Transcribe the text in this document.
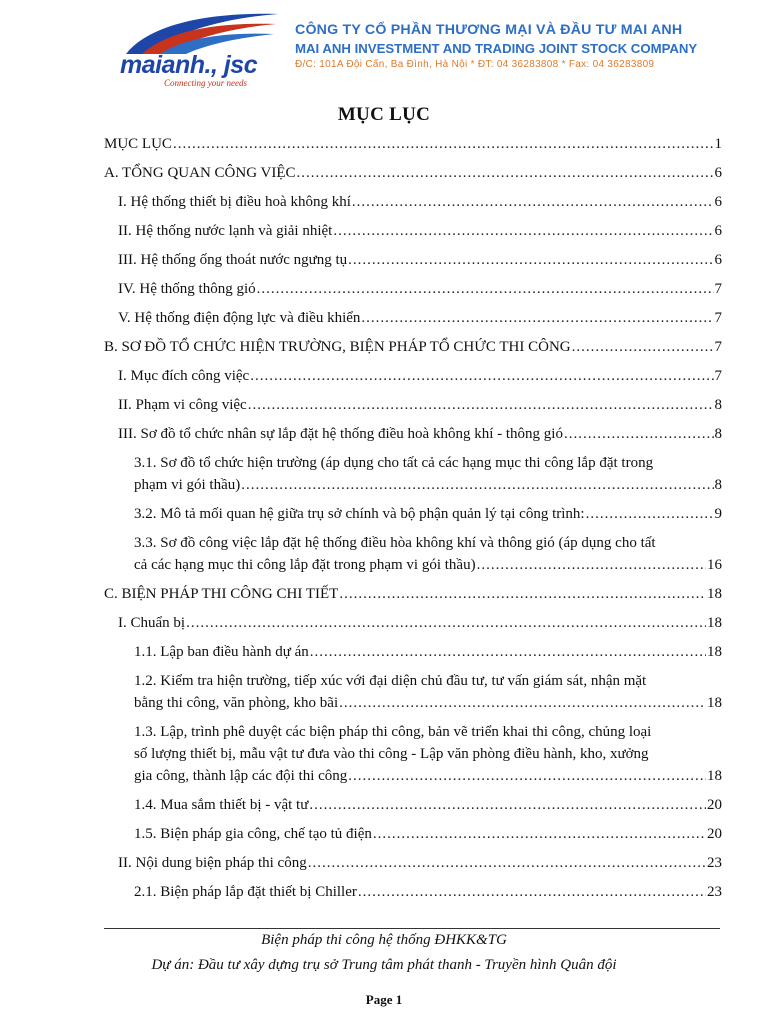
maianh., jsc
Connecting your needs
CÔNG TY CỔ PHẦN THƯƠNG MẠI VÀ ĐẦU TƯ MAI ANH
MAI ANH INVESTMENT AND TRADING JOINT STOCK COMPANY
Đ/C: 101A Đội Cấn, Ba Đình, Hà Nội * ĐT: 04 36283808 * Fax: 04 36283809
MỤC LỤC
MỤC LỤC .....	1
A. TỔNG QUAN CÔNG VIỆC .....	6
I. Hệ thống thiết bị điều hoà không khí .....	6
II. Hệ thống nước lạnh và giải nhiệt .....	6
III. Hệ thống ống thoát nước ngưng tụ .....	6
IV. Hệ thống thông gió .....	7
V. Hệ thống điện động lực và điều khiển .....	7
B. SƠ ĐỒ TỔ CHỨC HIỆN TRƯỜNG, BIỆN PHÁP TỔ CHỨC THI CÔNG .....	7
I. Mục đích công việc .....	7
II. Phạm vi công việc .....	8
III. Sơ đồ tổ chức nhân sự lắp đặt hệ thống điều hoà không khí - thông gió .....	8
3.1. Sơ đồ tổ chức hiện trường (áp dụng cho tất cả các hạng mục thi công lắp đặt trong
phạm vi gói thầu) .....	8
3.2. Mô tả mối quan hệ giữa trụ sở chính và bộ phận quản lý tại công trình: .....	9
3.3. Sơ đồ công việc lắp đặt hệ thống điều hòa không khí và thông gió (áp dụng cho tất
cả các hạng mục thi công lắp đặt trong phạm vi gói thầu) .....	16
C. BIỆN PHÁP THI CÔNG CHI TIẾT .....	18
I. Chuẩn bị .....	18
1.1. Lập ban điều hành dự án .....	18
1.2. Kiểm tra hiện trường, tiếp xúc với đại diện chủ đầu tư, tư vấn giám sát, nhận mặt
bằng thi công, văn phòng, kho bãi .....	18
1.3. Lập, trình phê duyệt các biện pháp thi công, bản vẽ triển khai thi công, chủng loại
số lượng thiết bị, mẫu vật tư đưa vào thi công - Lập văn phòng điều hành, kho, xưởng
gia công, thành lập các đội thi công .....	18
1.4. Mua sắm thiết bị - vật tư .....	20
1.5. Biện pháp gia công, chế tạo tủ điện .....	20
II. Nội dung biện pháp thi công .....	23
2.1. Biện pháp lắp đặt thiết bị Chiller .....	23
Biện pháp thi công hệ thống ĐHKK&TG
Dự án: Đầu tư xây dựng trụ sở Trung tâm phát thanh - Truyền hình Quân đội
Page 1
